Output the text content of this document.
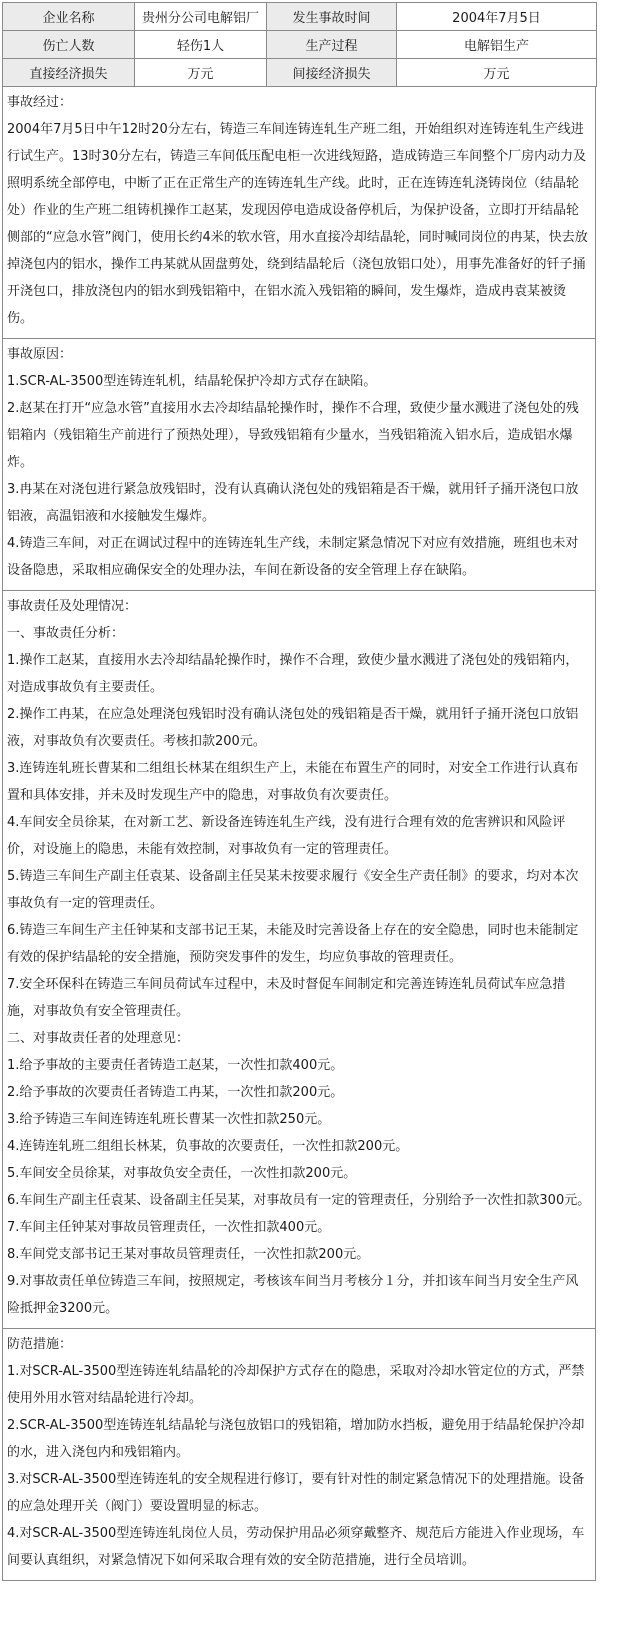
企业名称	贵州分公司电解铝厂	发生事故时间	2004年7月5日
伤亡人数	轻伤1人	生产过程	电解铝生产
直接经济损失	万元	间接经济损失	万元

事故经过：

2004年7月5日中午12时20分左右，铸造三车间连铸连轧生产班二组，开始组织对连铸连轧生产线进行试生产。13时30分左右，铸造三车间低压配电柜一次进线短路，造成铸造三车间整个厂房内动力及照明系统全部停电，中断了正在正常生产的连铸连轧生产线。此时，正在连铸连轧浇铸岗位（结晶轮处）作业的生产班二组铸机操作工赵某，发现因停电造成设备停机后，为保护设备，立即打开结晶轮侧部的“应急水管”阀门，使用长约4米的软水管，用水直接冷却结晶轮，同时喊同岗位的冉某，快去放掉浇包内的铝水，操作工冉某就从固盘剪处，绕到结晶轮后（浇包放铝口处），用事先准备好的钎子捅开浇包口，排放浇包内的铝水到残铝箱中，在铝水流入残铝箱的瞬间，发生爆炸，造成冉袁某被烫伤。

事故原因：

1.SCR-AL-3500型连铸连轧机，结晶轮保护冷却方式存在缺陷。

2.赵某在打开“应急水管”直接用水去冷却结晶轮操作时，操作不合理，致使少量水溅进了浇包处的残铝箱内（残铝箱生产前进行了预热处理），导致残铝箱有少量水，当残铝箱流入铝水后，造成铝水爆炸。

3.冉某在对浇包进行紧急放残铝时，没有认真确认浇包处的残铝箱是否干燥，就用钎子捅开浇包口放铝液，高温铝液和水接触发生爆炸。

4.铸造三车间，对正在调试过程中的连铸连轧生产线，未制定紧急情况下对应有效措施，班组也未对设备隐患，采取相应确保安全的处理办法，车间在新设备的安全管理上存在缺陷。

事故责任及处理情况：

一、事故责任分析：

1.操作工赵某，直接用水去冷却结晶轮操作时，操作不合理，致使少量水溅进了浇包处的残铝箱内，对造成事故负有主要责任。

2.操作工冉某，在应急处理浇包残铝时没有确认浇包处的残铝箱是否干燥，就用钎子捅开浇包口放铝液，对事故负有次要责任。考核扣款200元。

3.连铸连轧班长曹某和二组组长林某在组织生产上，未能在布置生产的同时，对安全工作进行认真布置和具体安排，并未及时发现生产中的隐患，对事故负有次要责任。

4.车间安全员徐某，在对新工艺、新设备连铸连轧生产线，没有进行合理有效的危害辨识和风险评价，对设施上的隐患，未能有效控制，对事故负有一定的管理责任。

5.铸造三车间生产副主任袁某、设备副主任吴某未按要求履行《安全生产责任制》的要求，均对本次事故负有一定的管理责任。

6.铸造三车间生产主任钟某和支部书记王某，未能及时完善设备上存在的安全隐患，同时也未能制定有效的保护结晶轮的安全措施，预防突发事件的发生，均应负事故的管理责任。

7.安全环保科在铸造三车间员荷试车过程中，未及时督促车间制定和完善连铸连轧员荷试车应急措施，对事故负有安全管理责任。

二、对事故责任者的处理意见：

1.给予事故的主要责任者铸造工赵某，一次性扣款400元。

2.给予事故的次要责任者铸造工冉某，一次性扣款200元。

3.给予铸造三车间连铸连轧班长曹某一次性扣款250元。

4.连铸连轧班二组组长林某，负事故的次要责任，一次性扣款200元。

5.车间安全员徐某，对事故负安全责任，一次性扣款200元。

6.车间生产副主任袁某、设备副主任吴某，对事故员有一定的管理责任，分别给予一次性扣款300元。

7.车间主任钟某对事故员管理责任，一次性扣款400元。

8.车间党支部书记王某对事故员管理责任，一次性扣款200元。

9.对事故责任单位铸造三车间，按照规定，考核该车间当月考核分１分，并扣该车间当月安全生产风险抵押金3200元。

防范措施：

1.对SCR-AL-3500型连铸连轧结晶轮的冷却保护方式存在的隐患，采取对冷却水管定位的方式，严禁使用外用水管对结晶轮进行冷却。

2.SCR-AL-3500型连铸连轧结晶轮与浇包放铝口的残铝箱，增加防水挡板，避免用于结晶轮保护冷却的水，进入浇包内和残铝箱内。

3.对SCR-AL-3500型连铸连轧的安全规程进行修订，要有针对性的制定紧急情况下的处理措施。设备的应急处理开关（阀门）要设置明显的标志。

4.对SCR-AL-3500型连铸连轧岗位人员，劳动保护用品必须穿戴整齐、规范后方能进入作业现场，车间要认真组织，对紧急情况下如何采取合理有效的安全防范措施，进行全员培训。
